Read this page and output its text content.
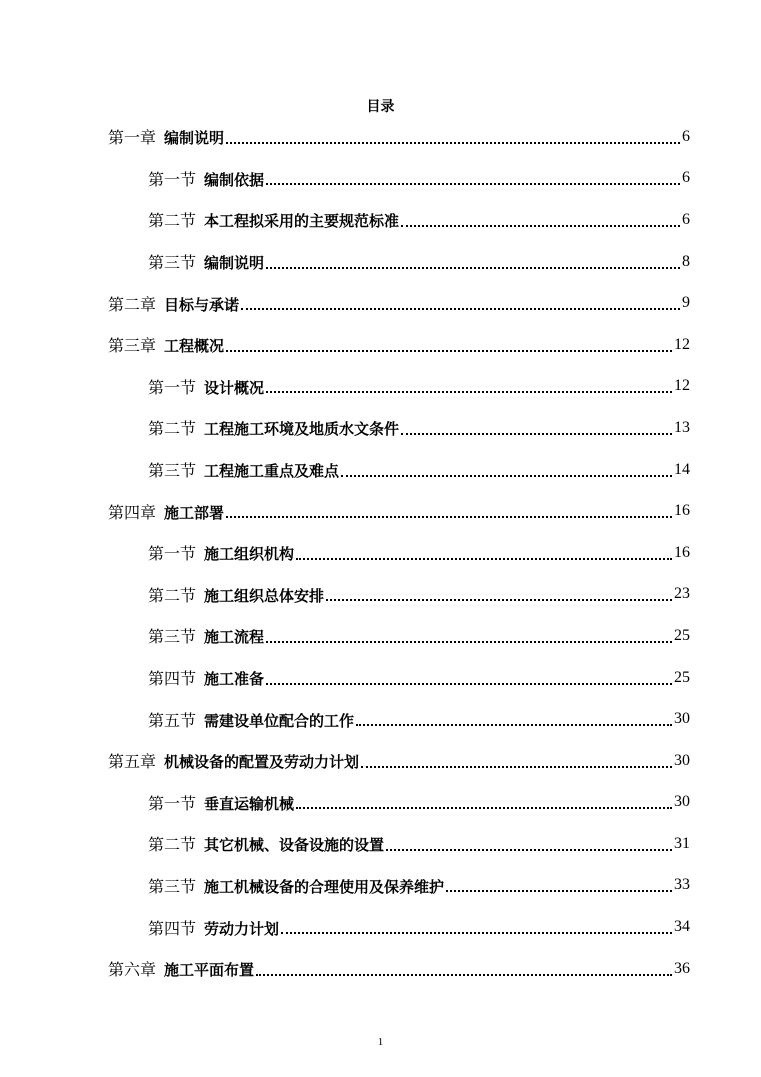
目录
第一章 编制说明	6
第一节 编制依据	6
第二节 本工程拟采用的主要规范标准	6
第三节 编制说明	8
第二章 目标与承诺	9
第三章 工程概况	12
第一节 设计概况	12
第二节 工程施工环境及地质水文条件	13
第三节 工程施工重点及难点	14
第四章 施工部署	16
第一节 施工组织机构	16
第二节 施工组织总体安排	23
第三节 施工流程	25
第四节 施工准备	25
第五节 需建设单位配合的工作	30
第五章 机械设备的配置及劳动力计划	30
第一节 垂直运输机械	30
第二节 其它机械、设备设施的设置	31
第三节 施工机械设备的合理使用及保养维护	33
第四节 劳动力计划	34
第六章 施工平面布置	36
1
